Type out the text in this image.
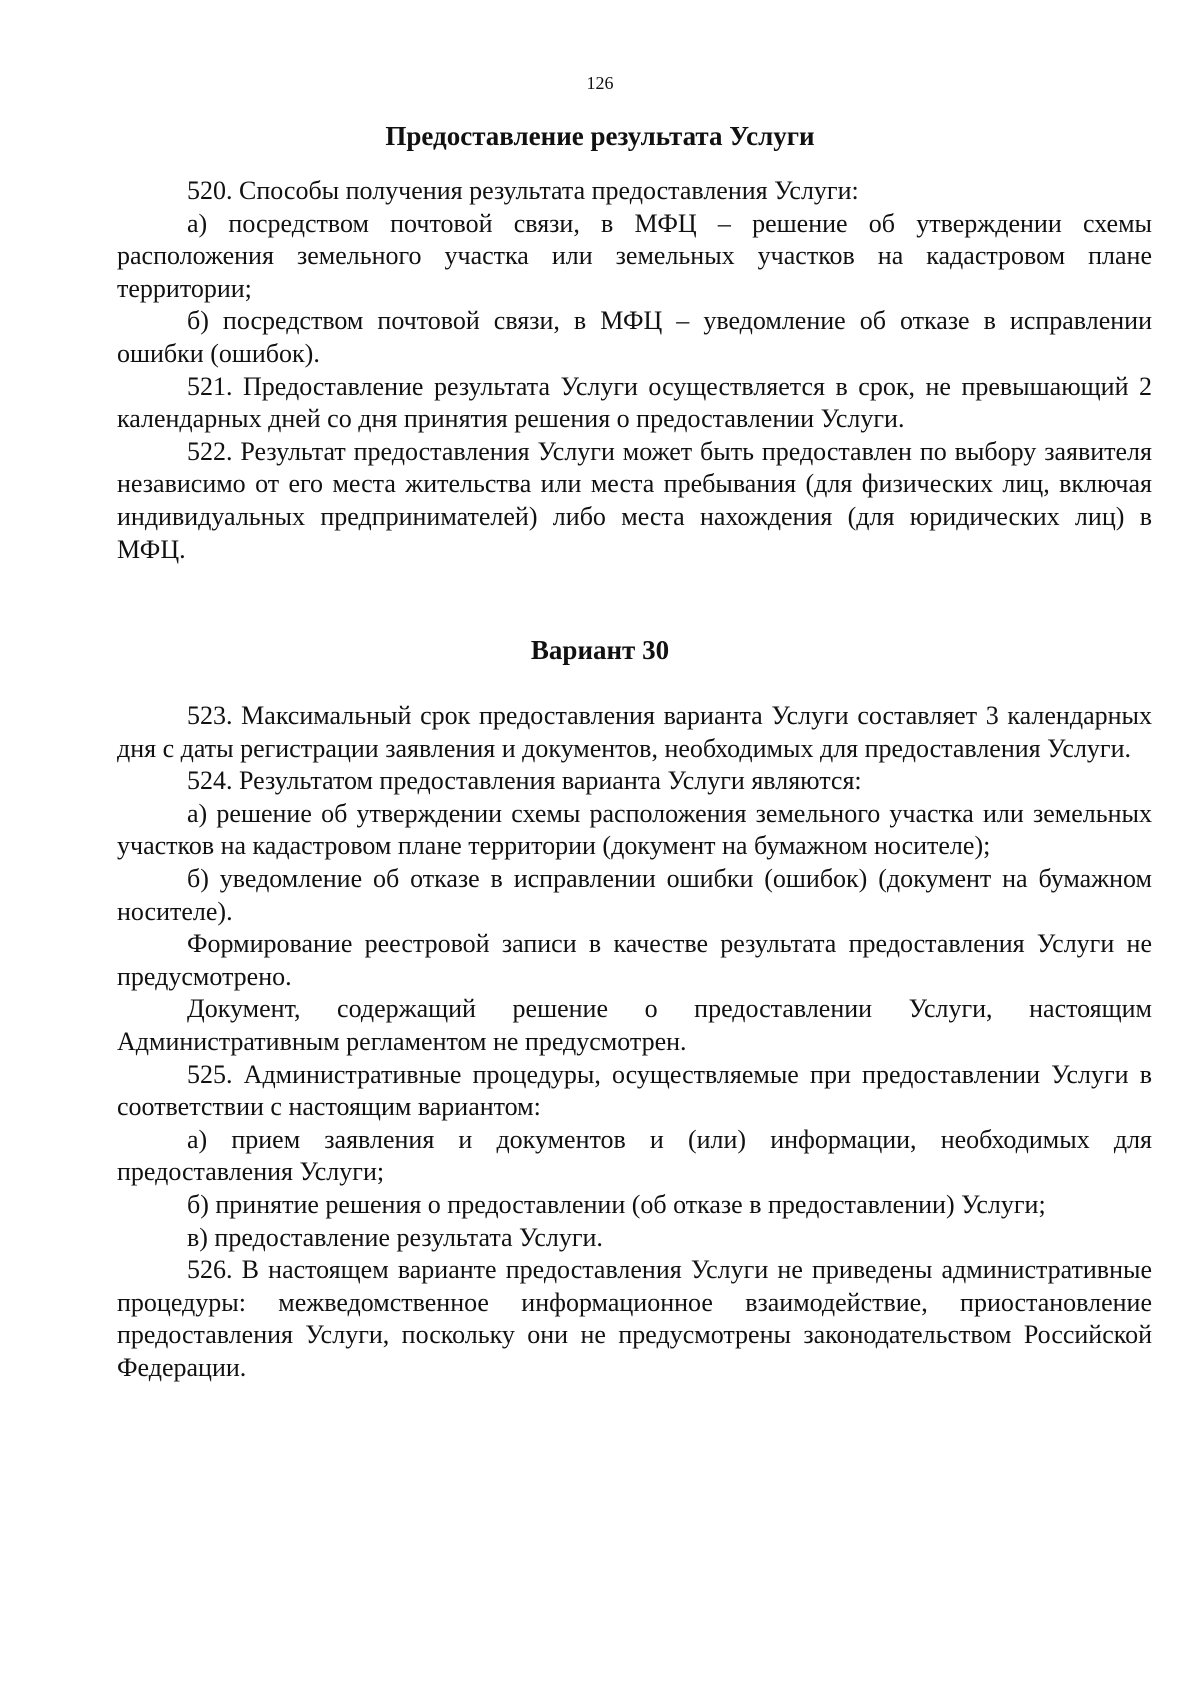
126
Предоставление результата Услуги

520. Способы получения результата предоставления Услуги:

а) посредством почтовой связи, в МФЦ – решение об утверждении схемы расположения земельного участка или земельных участков на кадастровом плане территории;

б) посредством почтовой связи, в МФЦ – уведомление об отказе в исправлении ошибки (ошибок).

521. Предоставление результата Услуги осуществляется в срок, не превышающий 2 календарных дней со дня принятия решения о предоставлении Услуги.

522. Результат предоставления Услуги может быть предоставлен по выбору заявителя независимо от его места жительства или места пребывания (для физических лиц, включая индивидуальных предпринимателей) либо места нахождения (для юридических лиц) в МФЦ.

Вариант 30

523. Максимальный срок предоставления варианта Услуги составляет 3 календарных дня с даты регистрации заявления и документов, необходимых для предоставления Услуги.

524. Результатом предоставления варианта Услуги являются:

а) решение об утверждении схемы расположения земельного участка или земельных участков на кадастровом плане территории (документ на бумажном носителе);

б) уведомление об отказе в исправлении ошибки (ошибок) (документ на бумажном носителе).

Формирование реестровой записи в качестве результата предоставления Услуги не предусмотрено.

Документ, содержащий решение о предоставлении Услуги, настоящим Административным регламентом не предусмотрен.

525. Административные процедуры, осуществляемые при предоставлении Услуги в соответствии с настоящим вариантом:

а) прием заявления и документов и (или) информации, необходимых для предоставления Услуги;

б) принятие решения о предоставлении (об отказе в предоставлении) Услуги;

в) предоставление результата Услуги.

526. В настоящем варианте предоставления Услуги не приведены административные процедуры: межведомственное информационное взаимодействие, приостановление предоставления Услуги, поскольку они не предусмотрены законодательством Российской Федерации.
